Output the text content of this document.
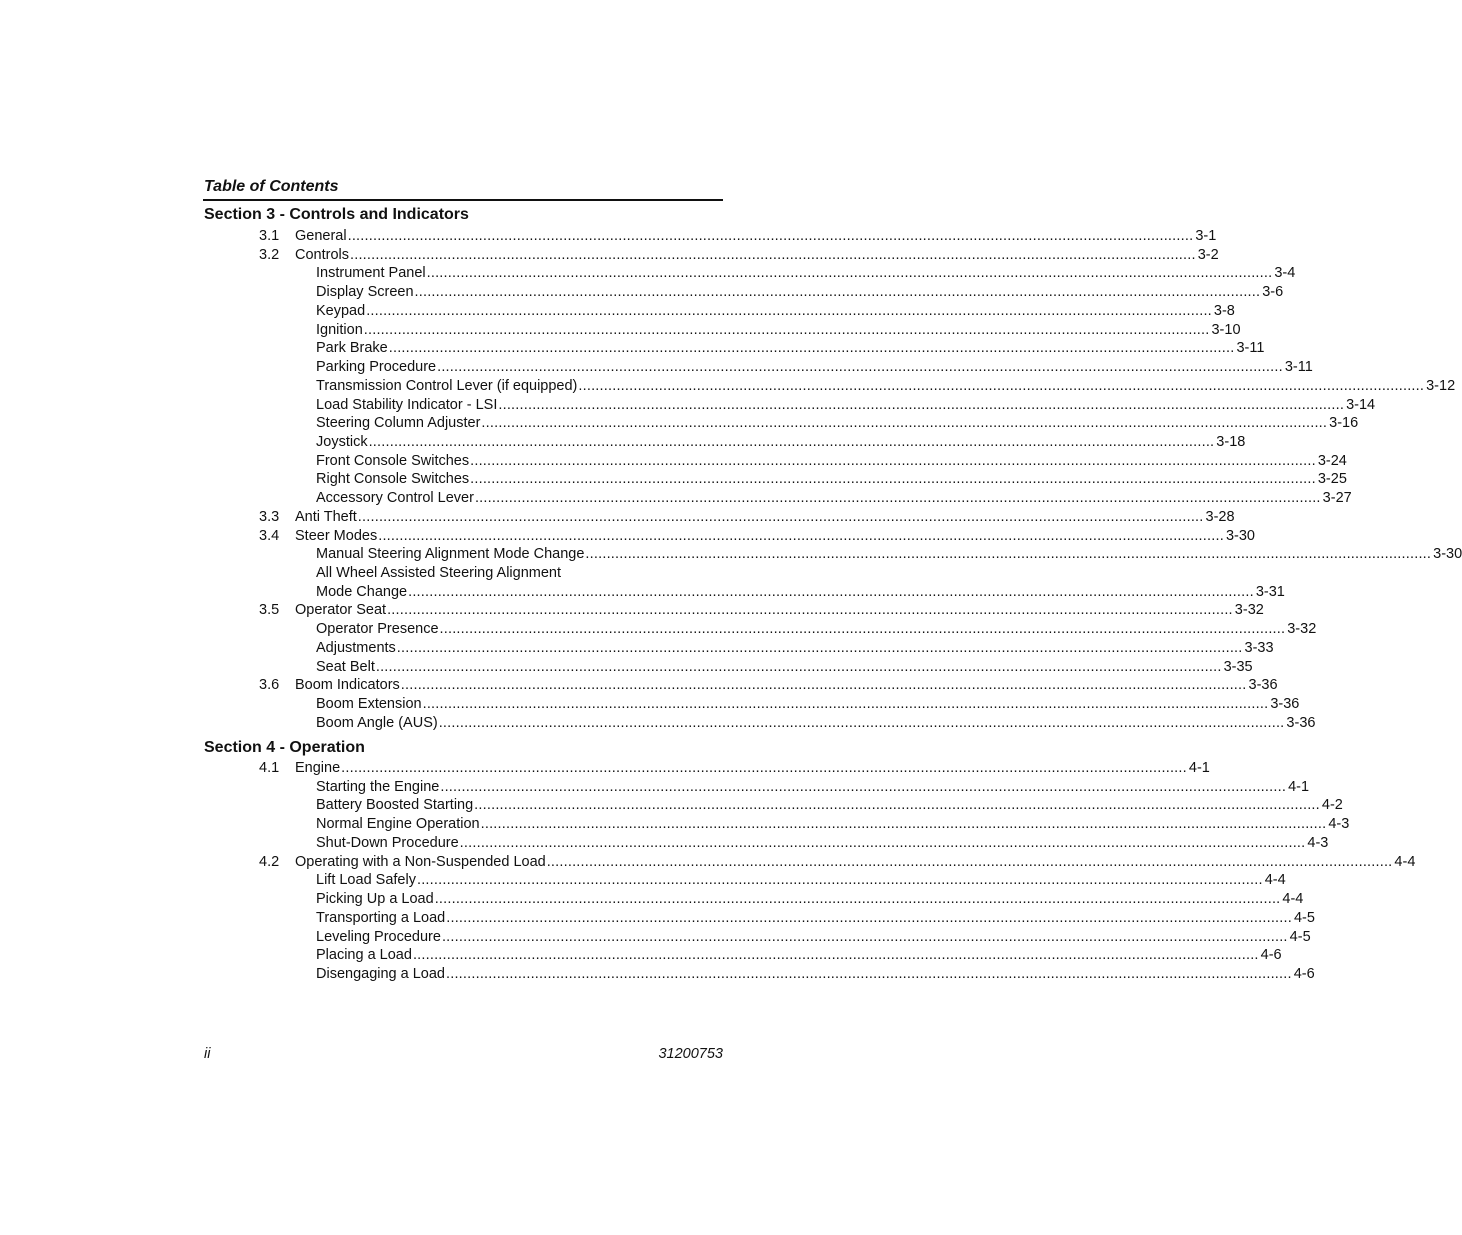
Table of Contents
Section 3 - Controls and Indicators
3.1	General ........................................................................................................................................................................................................ 3-1
3.2	Controls ........................................................................................................................................................................................................ 3-2
Instrument Panel ........................................................................................................................................................................................................ 3-4
Display Screen ........................................................................................................................................................................................................ 3-6
Keypad ........................................................................................................................................................................................................ 3-8
Ignition ........................................................................................................................................................................................................ 3-10
Park Brake ........................................................................................................................................................................................................ 3-11
Parking Procedure ........................................................................................................................................................................................................ 3-11
Transmission Control Lever (if equipped) ........................................................................................................................................................................................................ 3-12
Load Stability Indicator - LSI ........................................................................................................................................................................................................ 3-14
Steering Column Adjuster ........................................................................................................................................................................................................ 3-16
Joystick ........................................................................................................................................................................................................ 3-18
Front Console Switches ........................................................................................................................................................................................................ 3-24
Right Console Switches ........................................................................................................................................................................................................ 3-25
Accessory Control Lever ........................................................................................................................................................................................................ 3-27
3.3	Anti Theft ........................................................................................................................................................................................................ 3-28
3.4	Steer Modes ........................................................................................................................................................................................................ 3-30
Manual Steering Alignment Mode Change ........................................................................................................................................................................................................ 3-30
All Wheel Assisted Steering Alignment
Mode Change ........................................................................................................................................................................................................ 3-31
3.5	Operator Seat ........................................................................................................................................................................................................ 3-32
Operator Presence ........................................................................................................................................................................................................ 3-32
Adjustments ........................................................................................................................................................................................................ 3-33
Seat Belt ........................................................................................................................................................................................................ 3-35
3.6	Boom Indicators ........................................................................................................................................................................................................ 3-36
Boom Extension ........................................................................................................................................................................................................ 3-36
Boom Angle (AUS) ........................................................................................................................................................................................................ 3-36
Section 4 - Operation
4.1	Engine ........................................................................................................................................................................................................ 4-1
Starting the Engine ........................................................................................................................................................................................................ 4-1
Battery Boosted Starting ........................................................................................................................................................................................................ 4-2
Normal Engine Operation ........................................................................................................................................................................................................ 4-3
Shut-Down Procedure ........................................................................................................................................................................................................ 4-3
4.2	Operating with a Non-Suspended Load ........................................................................................................................................................................................................ 4-4
Lift Load Safely ........................................................................................................................................................................................................ 4-4
Picking Up a Load ........................................................................................................................................................................................................ 4-4
Transporting a Load ........................................................................................................................................................................................................ 4-5
Leveling Procedure ........................................................................................................................................................................................................ 4-5
Placing a Load ........................................................................................................................................................................................................ 4-6
Disengaging a Load ........................................................................................................................................................................................................ 4-6
ii	31200753
